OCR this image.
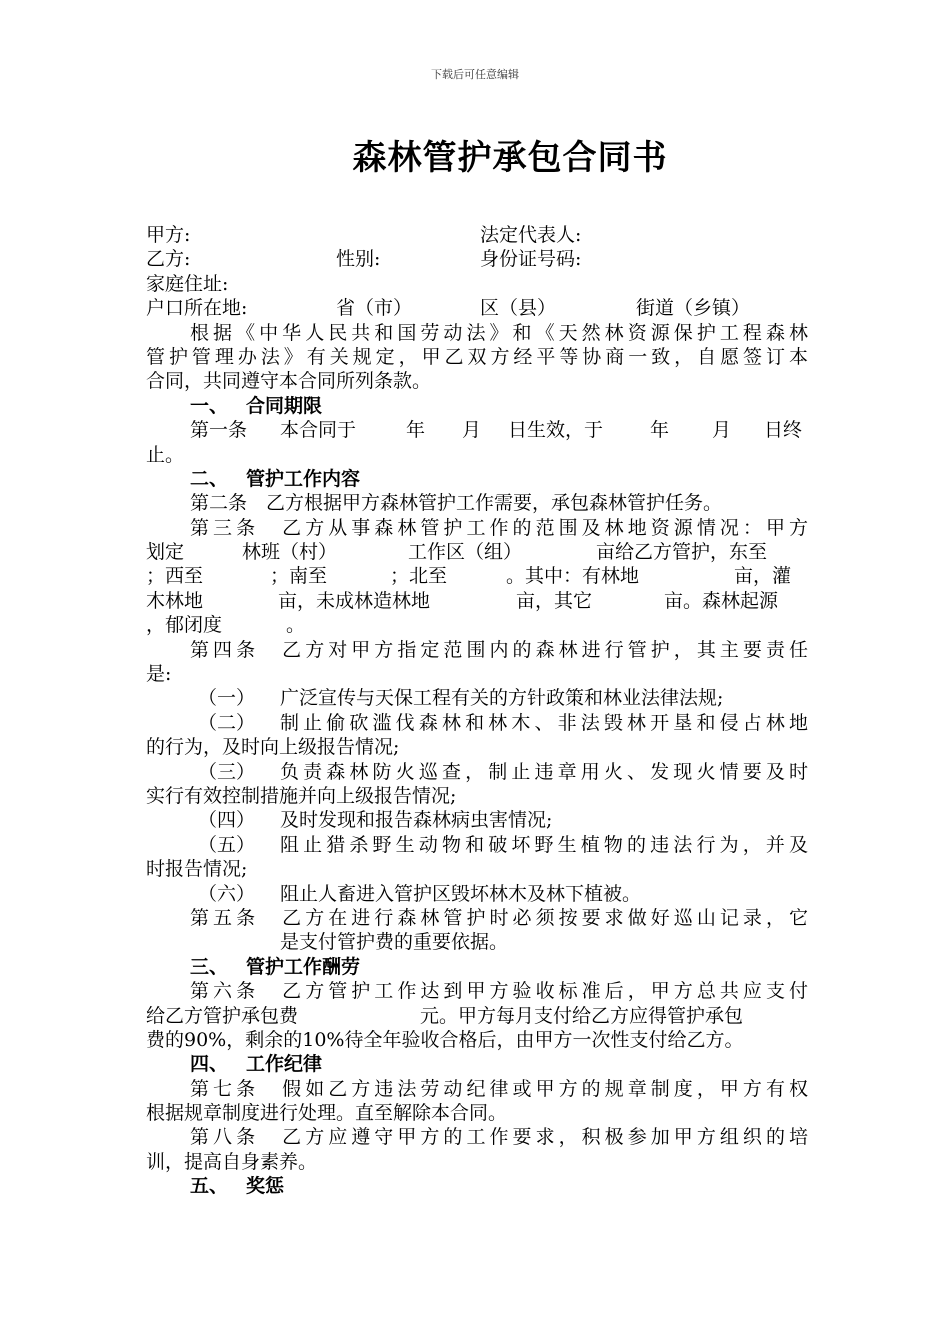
下载后可任意编辑
森林管护承包合同书
甲方:	法定代表人:
乙方:	性别:	身份证号码:
家庭住址:
户口所在地:	省（市）	区（县）	街道（乡镇）
根据《中华人民共和国劳动法》和《天然林资源保护工程森林
管护管理办法》有关规定，甲乙双方经平等协商一致，自愿签订本
合同，共同遵守本合同所列条款。
一、 合同期限
第一条 本合同于	年 月 日生效，于 年 月 日终
止。
二、 管护工作内容
第二条　乙方根据甲方森林管护工作需要，承包森林管护任务。
第三条　乙方从事森林管护工作的范围及林地资源情况：甲方
划定	林班（村）	工作区（组）	亩给乙方管护，东至
；西至	；南至	；北至	。其中：有林地	亩，灌
木林地	亩，未成林造林地	亩，其它	亩。森林起源
，郁闭度	。
第四条　乙方对甲方指定范围内的森林进行管护，其主要责任
是:
（一） 广泛宣传与天保工程有关的方针政策和林业法律法规;
（二） 制止偷砍滥伐森林和林木、非法毁林开垦和侵占林地
的行为，及时向上级报告情况;
（三） 负责森林防火巡查，制止违章用火、发现火情要及时
实行有效控制措施并向上级报告情况;
（四） 及时发现和报告森林病虫害情况;
（五） 阻止猎杀野生动物和破坏野生植物的违法行为，并及
时报告情况;
（六） 阻止人畜进入管护区毁坏林木及林下植被。
第五条　乙方在进行森林管护时必须按要求做好巡山记录，它
是支付管护费的重要依据。
三、 管护工作酬劳
第六条　乙方管护工作达到甲方验收标准后，甲方总共应支付
给乙方管护承包费	元。甲方每月支付给乙方应得管护承包
费的90%，剩余的10%待全年验收合格后，由甲方一次性支付给乙方。
四、 工作纪律
第七条　假如乙方违法劳动纪律或甲方的规章制度，甲方有权
根据规章制度进行处理。直至解除本合同。
第八条　乙方应遵守甲方的工作要求，积极参加甲方组织的培
训，提高自身素养。
五、 奖惩
